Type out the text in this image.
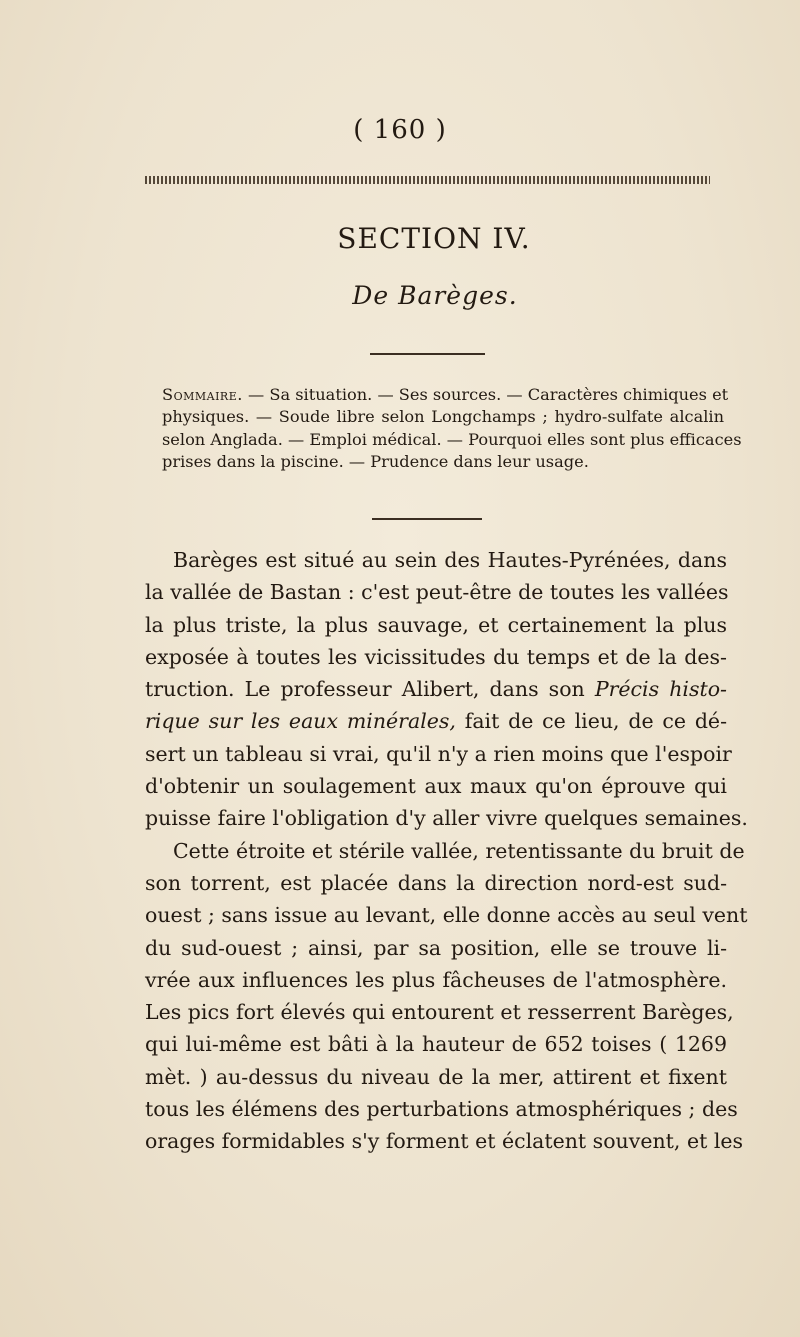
( 160 )
SECTION IV.
De Barèges.
Sommaire. — Sa situation. — Ses sources. — Caractères chimiques et
physiques. — Soude libre selon Longchamps ; hydro-sulfate alcalin
selon Anglada. — Emploi médical. — Pourquoi elles sont plus efficaces
prises dans la piscine. — Prudence dans leur usage.
Barèges est situé au sein des Hautes-Pyrénées, dans
la vallée de Bastan : c'est peut-être de toutes les vallées
la plus triste, la plus sauvage, et certainement la plus
exposée à toutes les vicissitudes du temps et de la des-
truction. Le professeur Alibert, dans son Précis histo-
rique sur les eaux minérales, fait de ce lieu, de ce dé-
sert un tableau si vrai, qu'il n'y a rien moins que l'espoir
d'obtenir un soulagement aux maux qu'on éprouve qui
puisse faire l'obligation d'y aller vivre quelques semaines.
Cette étroite et stérile vallée, retentissante du bruit de
son torrent, est placée dans la direction nord-est sud-
ouest ; sans issue au levant, elle donne accès au seul vent
du sud-ouest ; ainsi, par sa position, elle se trouve li-
vrée aux influences les plus fâcheuses de l'atmosphère.
Les pics fort élevés qui entourent et resserrent Barèges,
qui lui-même est bâti à la hauteur de 652 toises ( 1269
mèt. ) au-dessus du niveau de la mer, attirent et fixent
tous les élémens des perturbations atmosphériques ; des
orages formidables s'y forment et éclatent souvent, et les
